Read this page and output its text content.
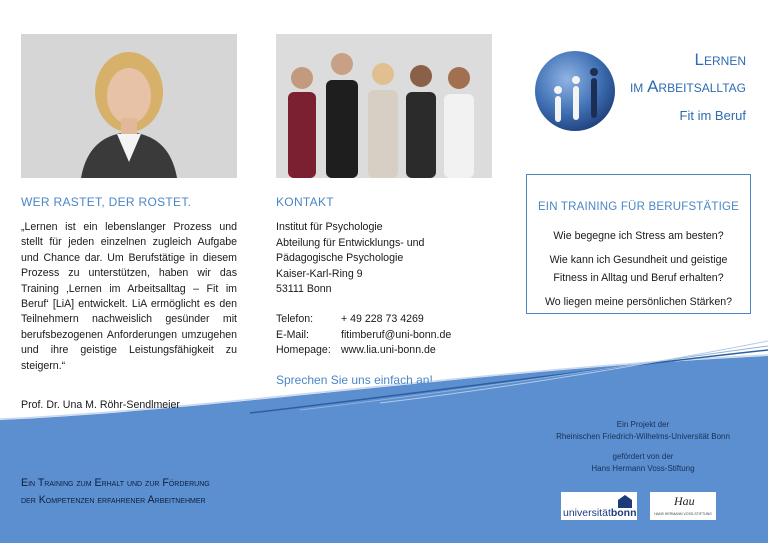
WER RASTET, DER ROSTET.
„Lernen ist ein lebenslanger Prozess und stellt für jeden einzelnen zugleich Aufgabe und Chance dar. Um Berufstätige in diesem Prozess zu unterstützen, haben wir das Training ‚Lernen im Arbeitsalltag – Fit im Beruf‘ [LiA] entwickelt. LiA ermöglicht es den Teilnehmern nachweislich gesünder mit berufsbezogenen Anforderungen umzugehen und ihre geistige Leistungsfähigkeit zu steigern.“
Prof. Dr. Una M. Röhr-Sendlmeier
KONTAKT
Institut für Psychologie
Abteilung für Entwicklungs- und
Pädagogische Psychologie
Kaiser-Karl-Ring 9
53111 Bonn
Telefon:	+ 49 228 73 4269
E-Mail:	fitimberuf@uni-bonn.de
Homepage: www.lia.uni-bonn.de
Sprechen Sie uns einfach an!
Lernen
im Arbeitsalltag
Fit im Beruf
EIN TRAINING FÜR BERUFSTÄTIGE
Wie begegne ich Stress am besten?
Wie kann ich Gesundheit und geistige Fitness in Alltag und Beruf erhalten?
Wo liegen meine persönlichen Stärken?
Ein Projekt der
Rheinischen Friedrich-Wilhelms-Universität Bonn
gefördert von der
Hans Hermann Voss-Stiftung
universitätbonn
Hau
HANS HERMANN VOSS-STIFTUNG
Ein Training zum Erhalt und zur Förderung
der Kompetenzen erfahrener Arbeitnehmer
